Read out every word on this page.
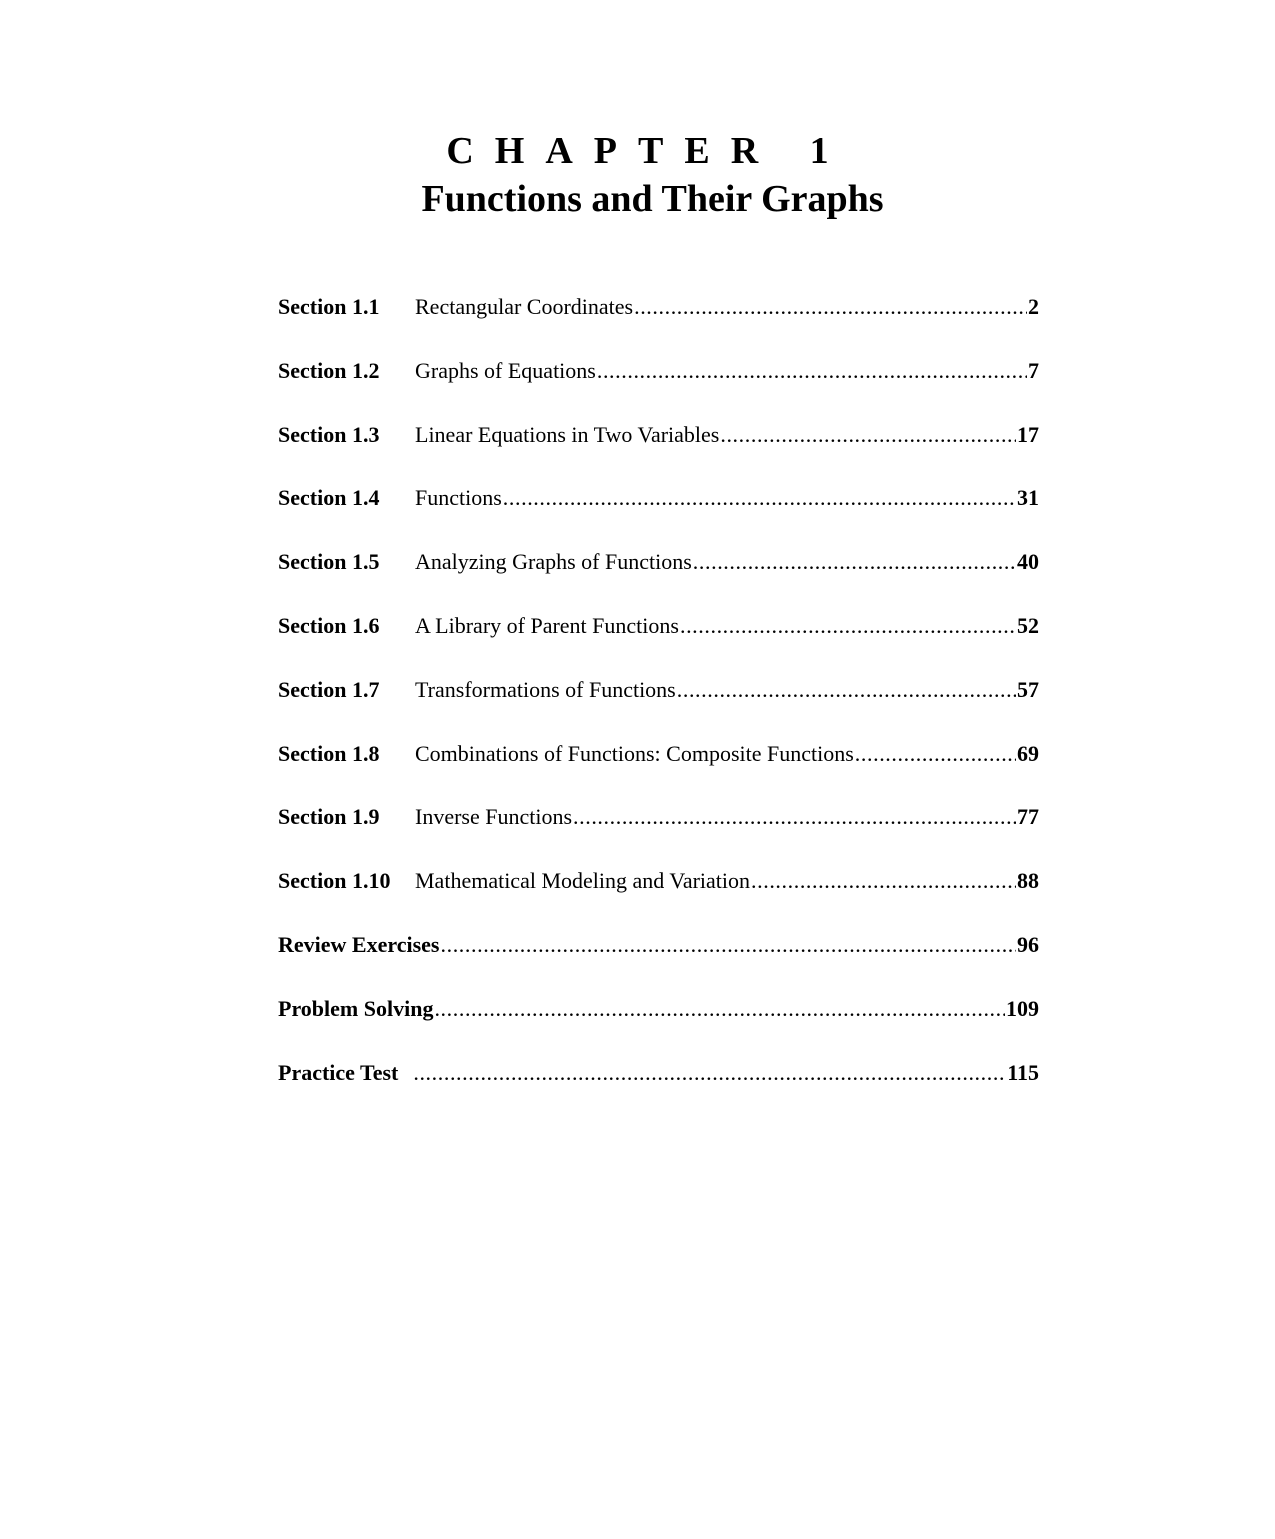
CHAPTER 1
Functions and Their Graphs
Section 1.1 Rectangular Coordinates .....	2
Section 1.2 Graphs of Equations .....	7
Section 1.3 Linear Equations in Two Variables .....	17
Section 1.4 Functions .....	31
Section 1.5 Analyzing Graphs of Functions .....	40
Section 1.6 A Library of Parent Functions .....	52
Section 1.7 Transformations of Functions .....	57
Section 1.8 Combinations of Functions: Composite Functions .....	69
Section 1.9 Inverse Functions .....	77
Section 1.10 Mathematical Modeling and Variation .....	88
Review Exercises .....	96
Problem Solving .....	109
Practice Test .....	115
